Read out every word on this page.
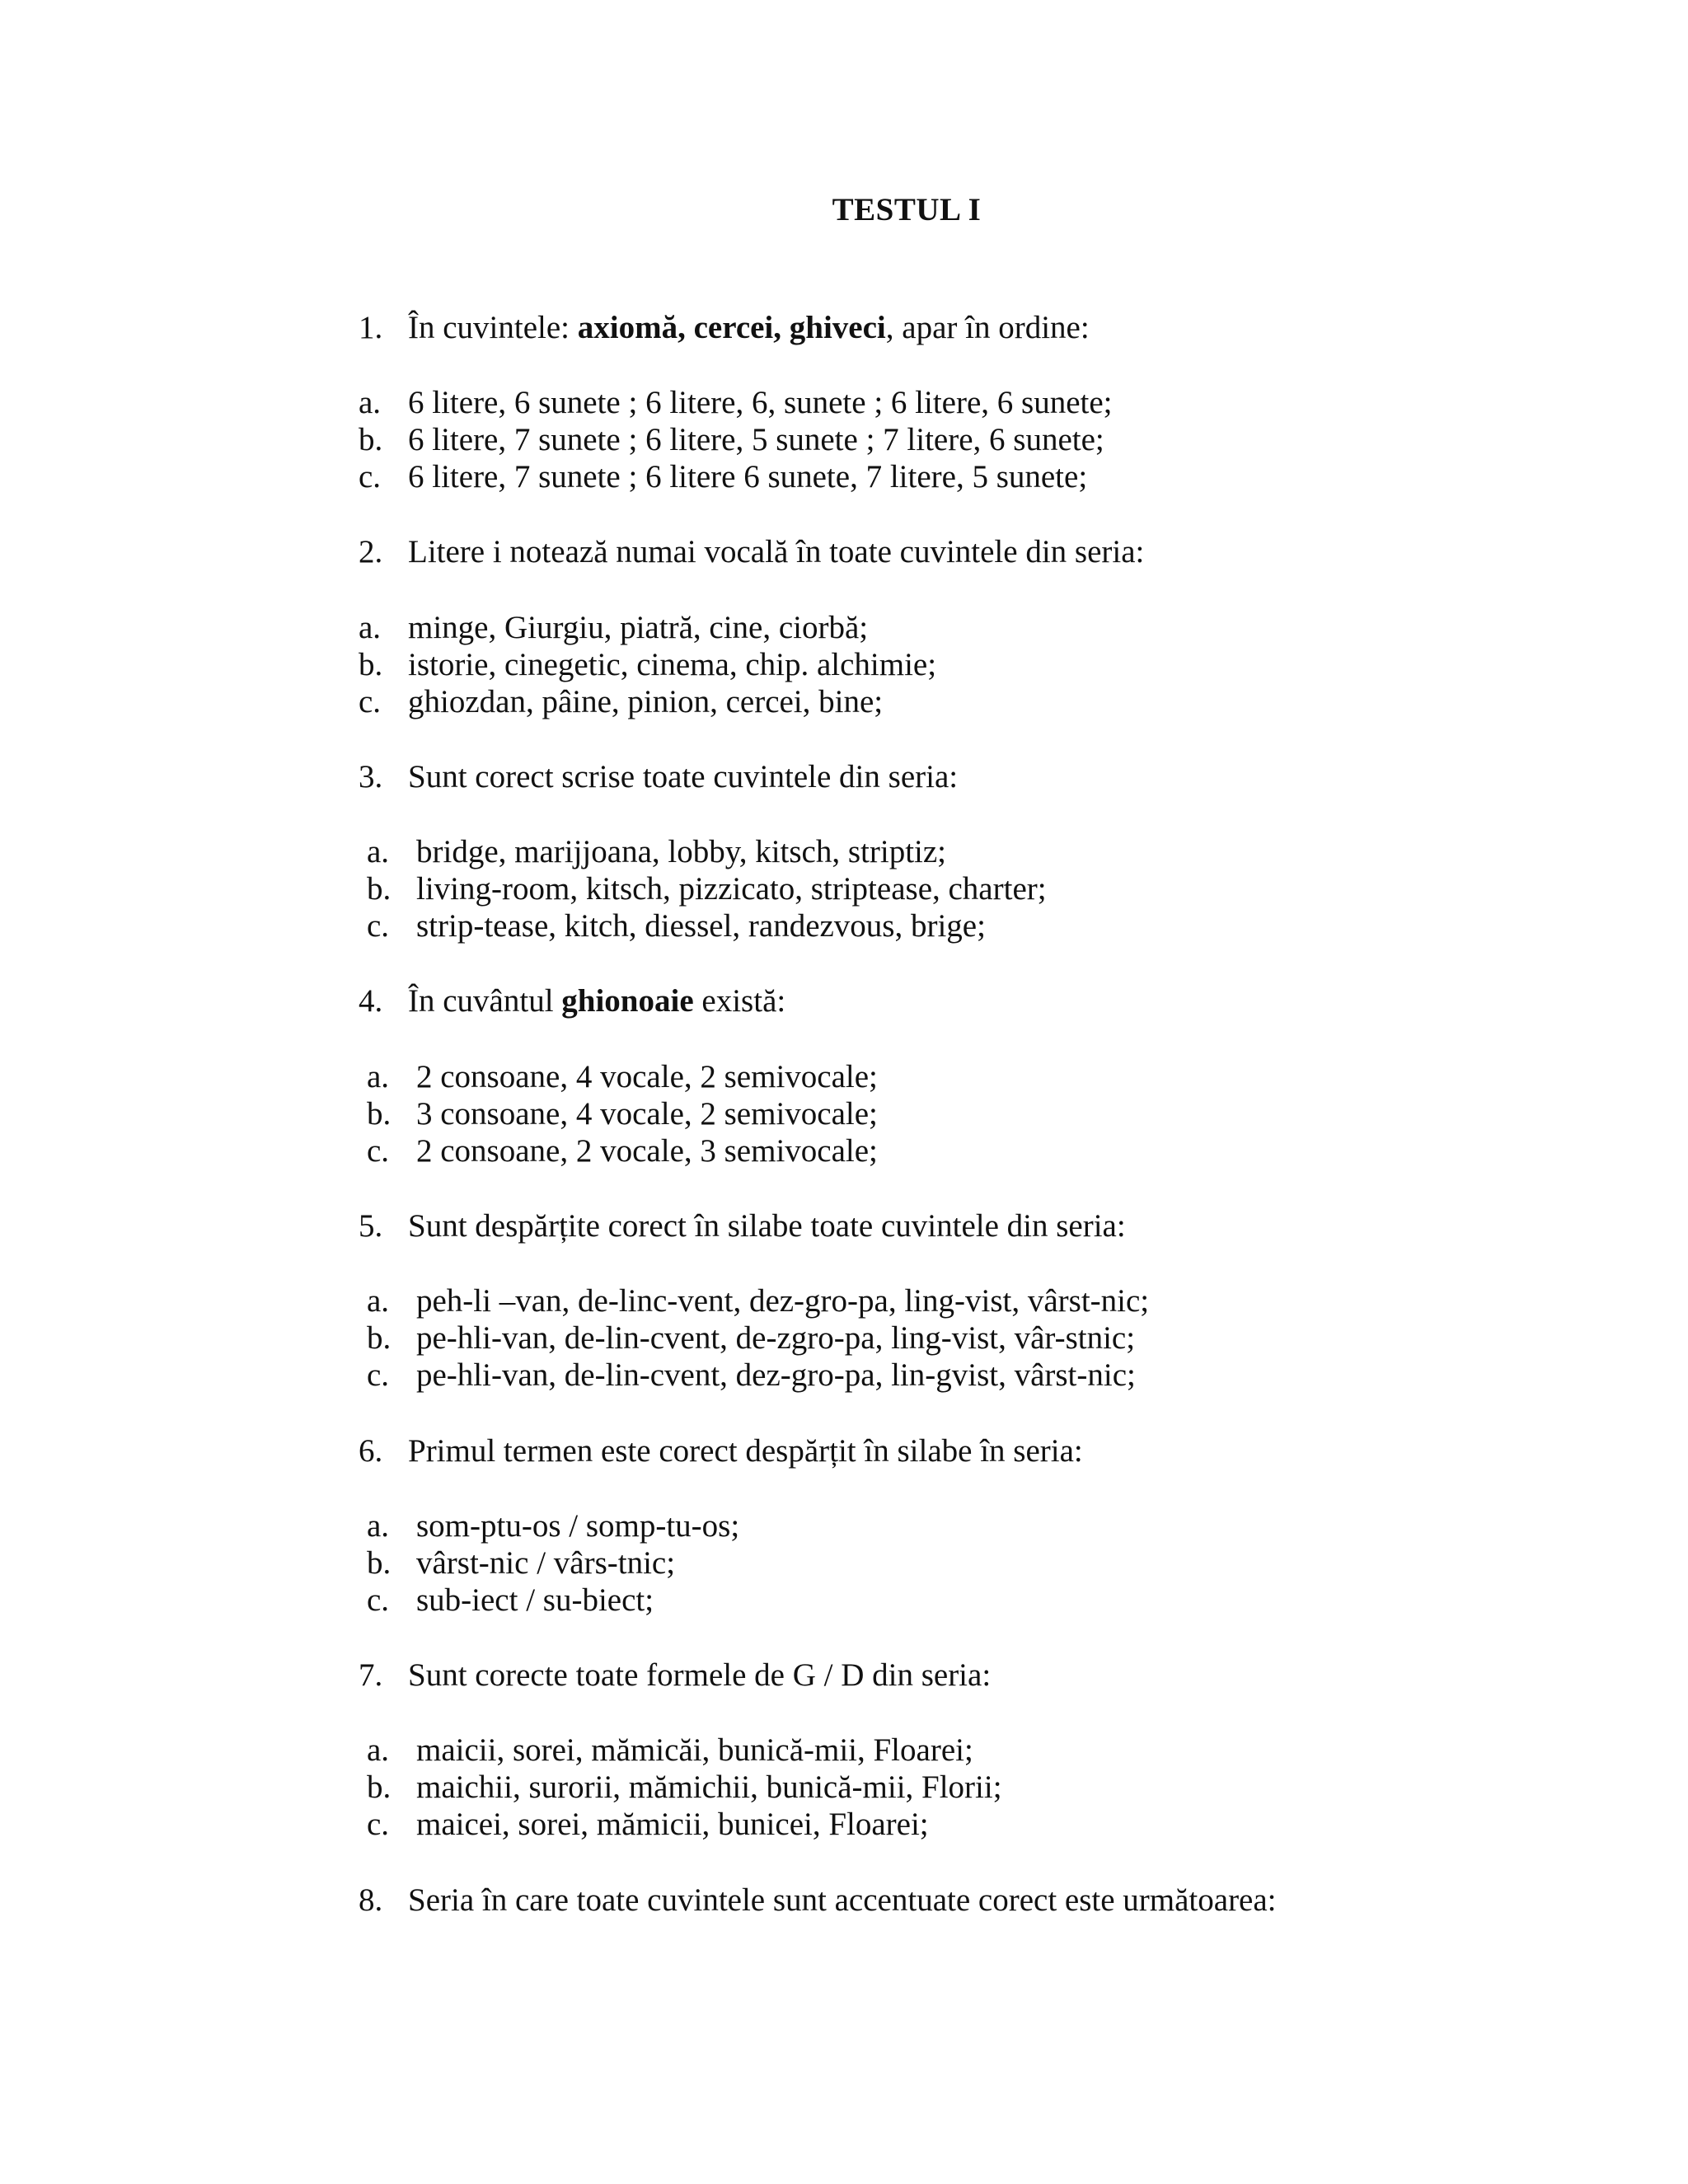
TESTUL I
1. În cuvintele: axiomă, cercei, ghiveci, apar în ordine:
a. 6 litere, 6 sunete ; 6 litere, 6, sunete ; 6 litere, 6 sunete;
b. 6 litere, 7 sunete ; 6 litere, 5 sunete ; 7 litere, 6 sunete;
c. 6 litere, 7 sunete ; 6 litere 6 sunete, 7 litere, 5 sunete;
2. Litere i notează numai vocală în toate cuvintele din seria:
a. minge, Giurgiu, piatră, cine, ciorbă;
b. istorie, cinegetic, cinema, chip. alchimie;
c. ghiozdan, pâine, pinion, cercei, bine;
3. Sunt corect scrise toate cuvintele din seria:
a. bridge, marijjoana, lobby, kitsch, striptiz;
b. living-room, kitsch, pizzicato, striptease, charter;
c. strip-tease, kitch, diessel, randezvous, brige;
4. În cuvântul ghionoaie există:
a. 2 consoane, 4 vocale, 2 semivocale;
b. 3 consoane, 4 vocale, 2 semivocale;
c. 2 consoane, 2 vocale, 3 semivocale;
5. Sunt despărțite corect în silabe toate cuvintele din seria:
a. peh-li –van, de-linc-vent, dez-gro-pa, ling-vist, vârst-nic;
b. pe-hli-van, de-lin-cvent, de-zgro-pa, ling-vist, vâr-stnic;
c. pe-hli-van, de-lin-cvent, dez-gro-pa, lin-gvist, vârst-nic;
6. Primul termen este corect despărțit în silabe în seria:
a. som-ptu-os / somp-tu-os;
b. vârst-nic / vârs-tnic;
c. sub-iect / su-biect;
7. Sunt corecte toate formele de G / D din seria:
a. maicii, sorei, mămicăi, bunică-mii, Floarei;
b. maichii, surorii, mămichii, bunică-mii, Florii;
c. maicei, sorei, mămicii, bunicei, Floarei;
8. Seria în care toate cuvintele sunt accentuate corect este următoarea:
